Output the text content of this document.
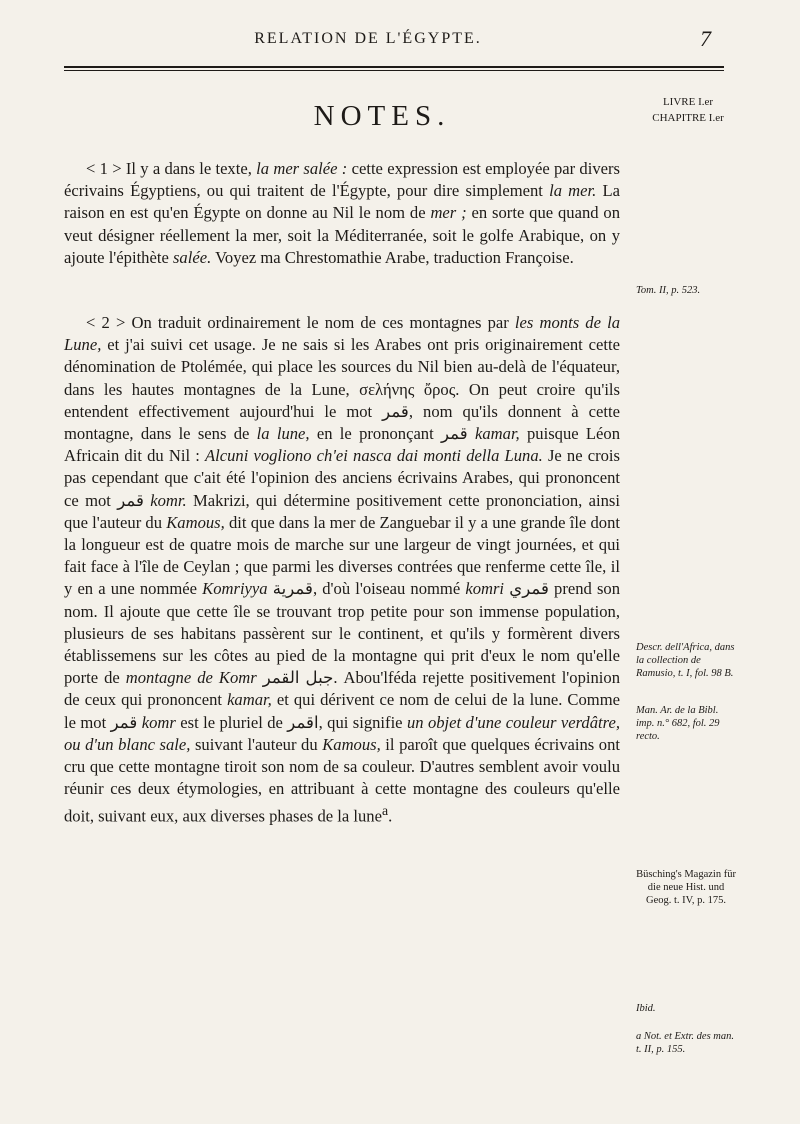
RELATION DE L'ÉGYPTE.	7
NOTES.	LIVRE I.er
CHAPITRE I.er

< 1 > Il y a dans le texte, la mer salée : cette expression est employée par divers écrivains Égyptiens, ou qui traitent de l'Égypte, pour dire simplement la mer. La raison en est qu'en Égypte on donne au Nil le nom de mer ; en sorte que quand on veut désigner réellement la mer, soit la Méditerranée, soit le golfe Arabique, on y ajoute l'épithète salée. Voyez ma Chrestomathie Arabe, traduction Françoise.

< 2 > On traduit ordinairement le nom de ces montagnes par les monts de la Lune, et j'ai suivi cet usage. Je ne sais si les Arabes ont pris originairement cette dénomination de Ptolémée, qui place les sources du Nil bien au-delà de l'équateur, dans les hautes montagnes de la Lune, σελήνης ὄρος. On peut croire qu'ils entendent effectivement aujourd'hui le mot قمر, nom qu'ils donnent à cette montagne, dans le sens de la lune, en le prononçant قمر kamar, puisque Léon Africain dit du Nil : Alcuni vogliono ch'ei nasca dai monti della Luna. Je ne crois pas cependant que c'ait été l'opinion des anciens écrivains Arabes, qui prononcent ce mot قمر komr. Makrizi, qui détermine positivement cette prononciation, ainsi que l'auteur du Kamous, dit que dans la mer de Zanguebar il y a une grande île dont la longueur est de quatre mois de marche sur une largeur de vingt journées, et qui fait face à l'île de Ceylan ; que parmi les diverses contrées que renferme cette île, il y en a une nommée Komriyya قمرية, d'où l'oiseau nommé komri قمري prend son nom. Il ajoute que cette île se trouvant trop petite pour son immense population, plusieurs de ses habitans passèrent sur le continent, et qu'ils y formèrent divers établissemens sur les côtes au pied de la montagne qui prit d'eux le nom qu'elle porte de montagne de Komr جبل القمر. Abou'lféda rejette positivement l'opinion de ceux qui prononcent kamar, et qui dérivent ce nom de celui de la lune. Comme le mot قمر komr est le pluriel de اقمر, qui signifie un objet d'une couleur verdâtre, ou d'un blanc sale, suivant l'auteur du Kamous, il paroît que quelques écrivains ont cru que cette montagne tiroit son nom de sa couleur. D'autres semblent avoir voulu réunir ces deux étymologies, en attribuant à cette montagne des couleurs qu'elle doit, suivant eux, aux diverses phases de la lune$^a$.

Tom. II, p. 523.
Descr. dell'Africa, dans la collection de Ramusio, t. I, fol. 98 B.
Man. Ar. de la Bibl. imp. n.° 682, fol. 29 recto.
Büsching's Magazin für die neue Hist. und Geog. t. IV, p. 175.
Ibid.
a Not. et Extr. des man. t. II, p. 155.
